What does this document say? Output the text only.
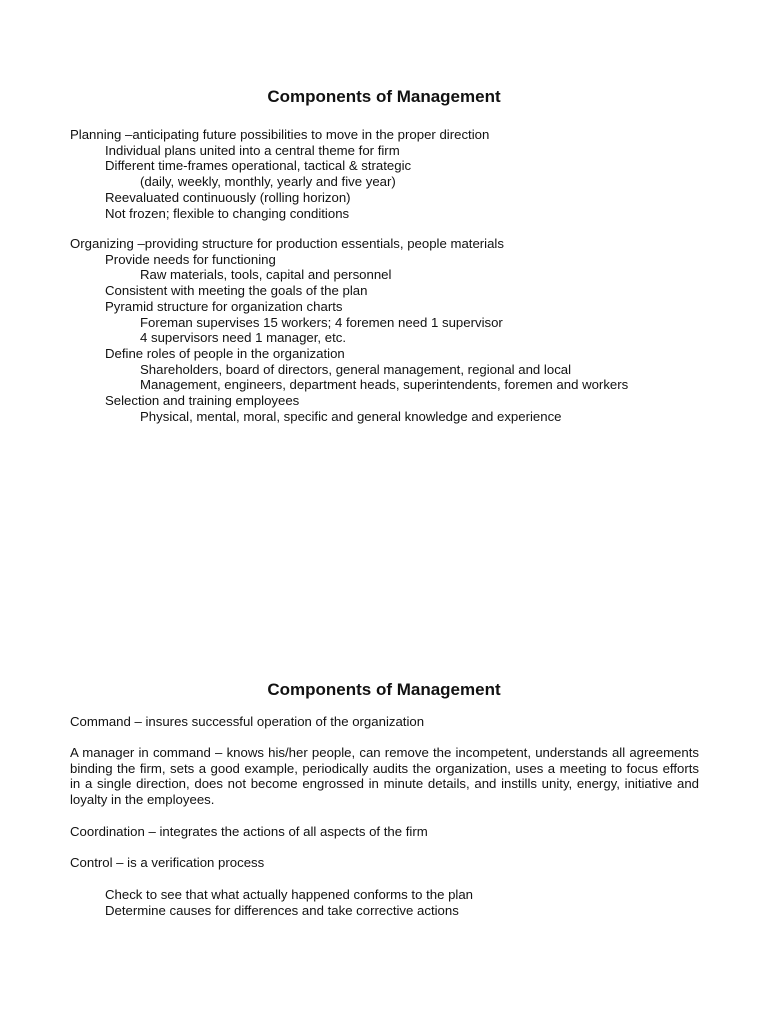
Components of Management
Planning –anticipating future possibilities to move in the proper direction
Individual plans united into a central theme for firm
Different time-frames operational, tactical & strategic
(daily, weekly, monthly, yearly and five year)
Reevaluated continuously (rolling horizon)
Not frozen; flexible to changing conditions
Organizing –providing structure for production essentials, people materials
Provide needs for functioning
Raw materials, tools, capital and personnel
Consistent with meeting the goals of the plan
Pyramid structure for organization charts
Foreman supervises 15 workers; 4 foremen need 1 supervisor
4 supervisors need 1 manager, etc.
Define roles of people in the organization
Shareholders, board of directors, general management, regional and local
Management, engineers, department heads, superintendents, foremen and workers
Selection and training employees
Physical, mental, moral, specific and general knowledge and experience
Components of Management

Command – insures successful operation of the organization

A manager in command – knows his/her people, can remove the incompetent, understands all agreements binding the firm, sets a good example, periodically audits the organization, uses a meeting to focus efforts in a single direction, does not become engrossed in minute details, and instills unity, energy, initiative and loyalty in the employees.

Coordination – integrates the actions of all aspects of the firm

Control – is a verification process

Check to see that what actually happened conforms to the plan
Determine causes for differences and take corrective actions
